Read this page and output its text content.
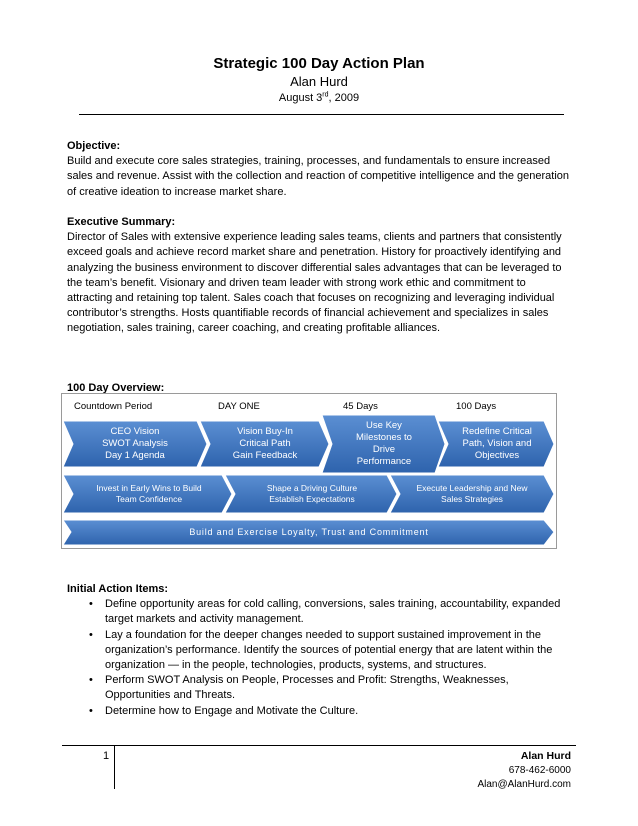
Strategic 100 Day Action Plan
Alan Hurd
August 3rd, 2009
Objective:

Build and execute core sales strategies, training, processes, and fundamentals to ensure increased sales and revenue. Assist with the collection and reaction of competitive intelligence and the generation of creative ideation to increase market share.

Executive Summary:

Director of Sales with extensive experience leading sales teams, clients and partners that consistently exceed goals and achieve record market share and penetration. History for proactively identifying and analyzing the business environment to discover differential sales advantages that can be leveraged to the team’s benefit. Visionary and driven team leader with strong work ethic and commitment to attracting and retaining top talent. Sales coach that focuses on recognizing and leveraging individual contributor’s strengths. Hosts quantifiable records of financial achievement and specializes in sales negotiation, sales training, career coaching, and creating profitable alliances.

100 Day Overview:
Countdown Period	DAY ONE	45 Days	100 Days
CEO Vision
SWOT Analysis
Day 1 Agenda
Vision Buy-In
Critical Path
Gain Feedback
Use Key
Milestones to
Drive
Performance
Redefine Critical
Path, Vision and
Objectives
Invest in Early Wins to Build
Team Confidence
Shape a Driving Culture
Establish Expectations
Execute Leadership and New
Sales Strategies
Build and Exercise Loyalty, Trust and Commitment
Initial Action Items:
• Define opportunity areas for cold calling, conversions, sales training, accountability, expanded target markets and activity management.
• Lay a foundation for the deeper changes needed to support sustained improvement in the organization’s performance. Identify the sources of potential energy that are latent within the organization — in the people, technologies, products, systems, and structures.
• Perform SWOT Analysis on People, Processes and Profit: Strengths, Weaknesses, Opportunities and Threats.
• Determine how to Engage and Motivate the Culture.
1	Alan Hurd
678-462-6000
Alan@AlanHurd.com
